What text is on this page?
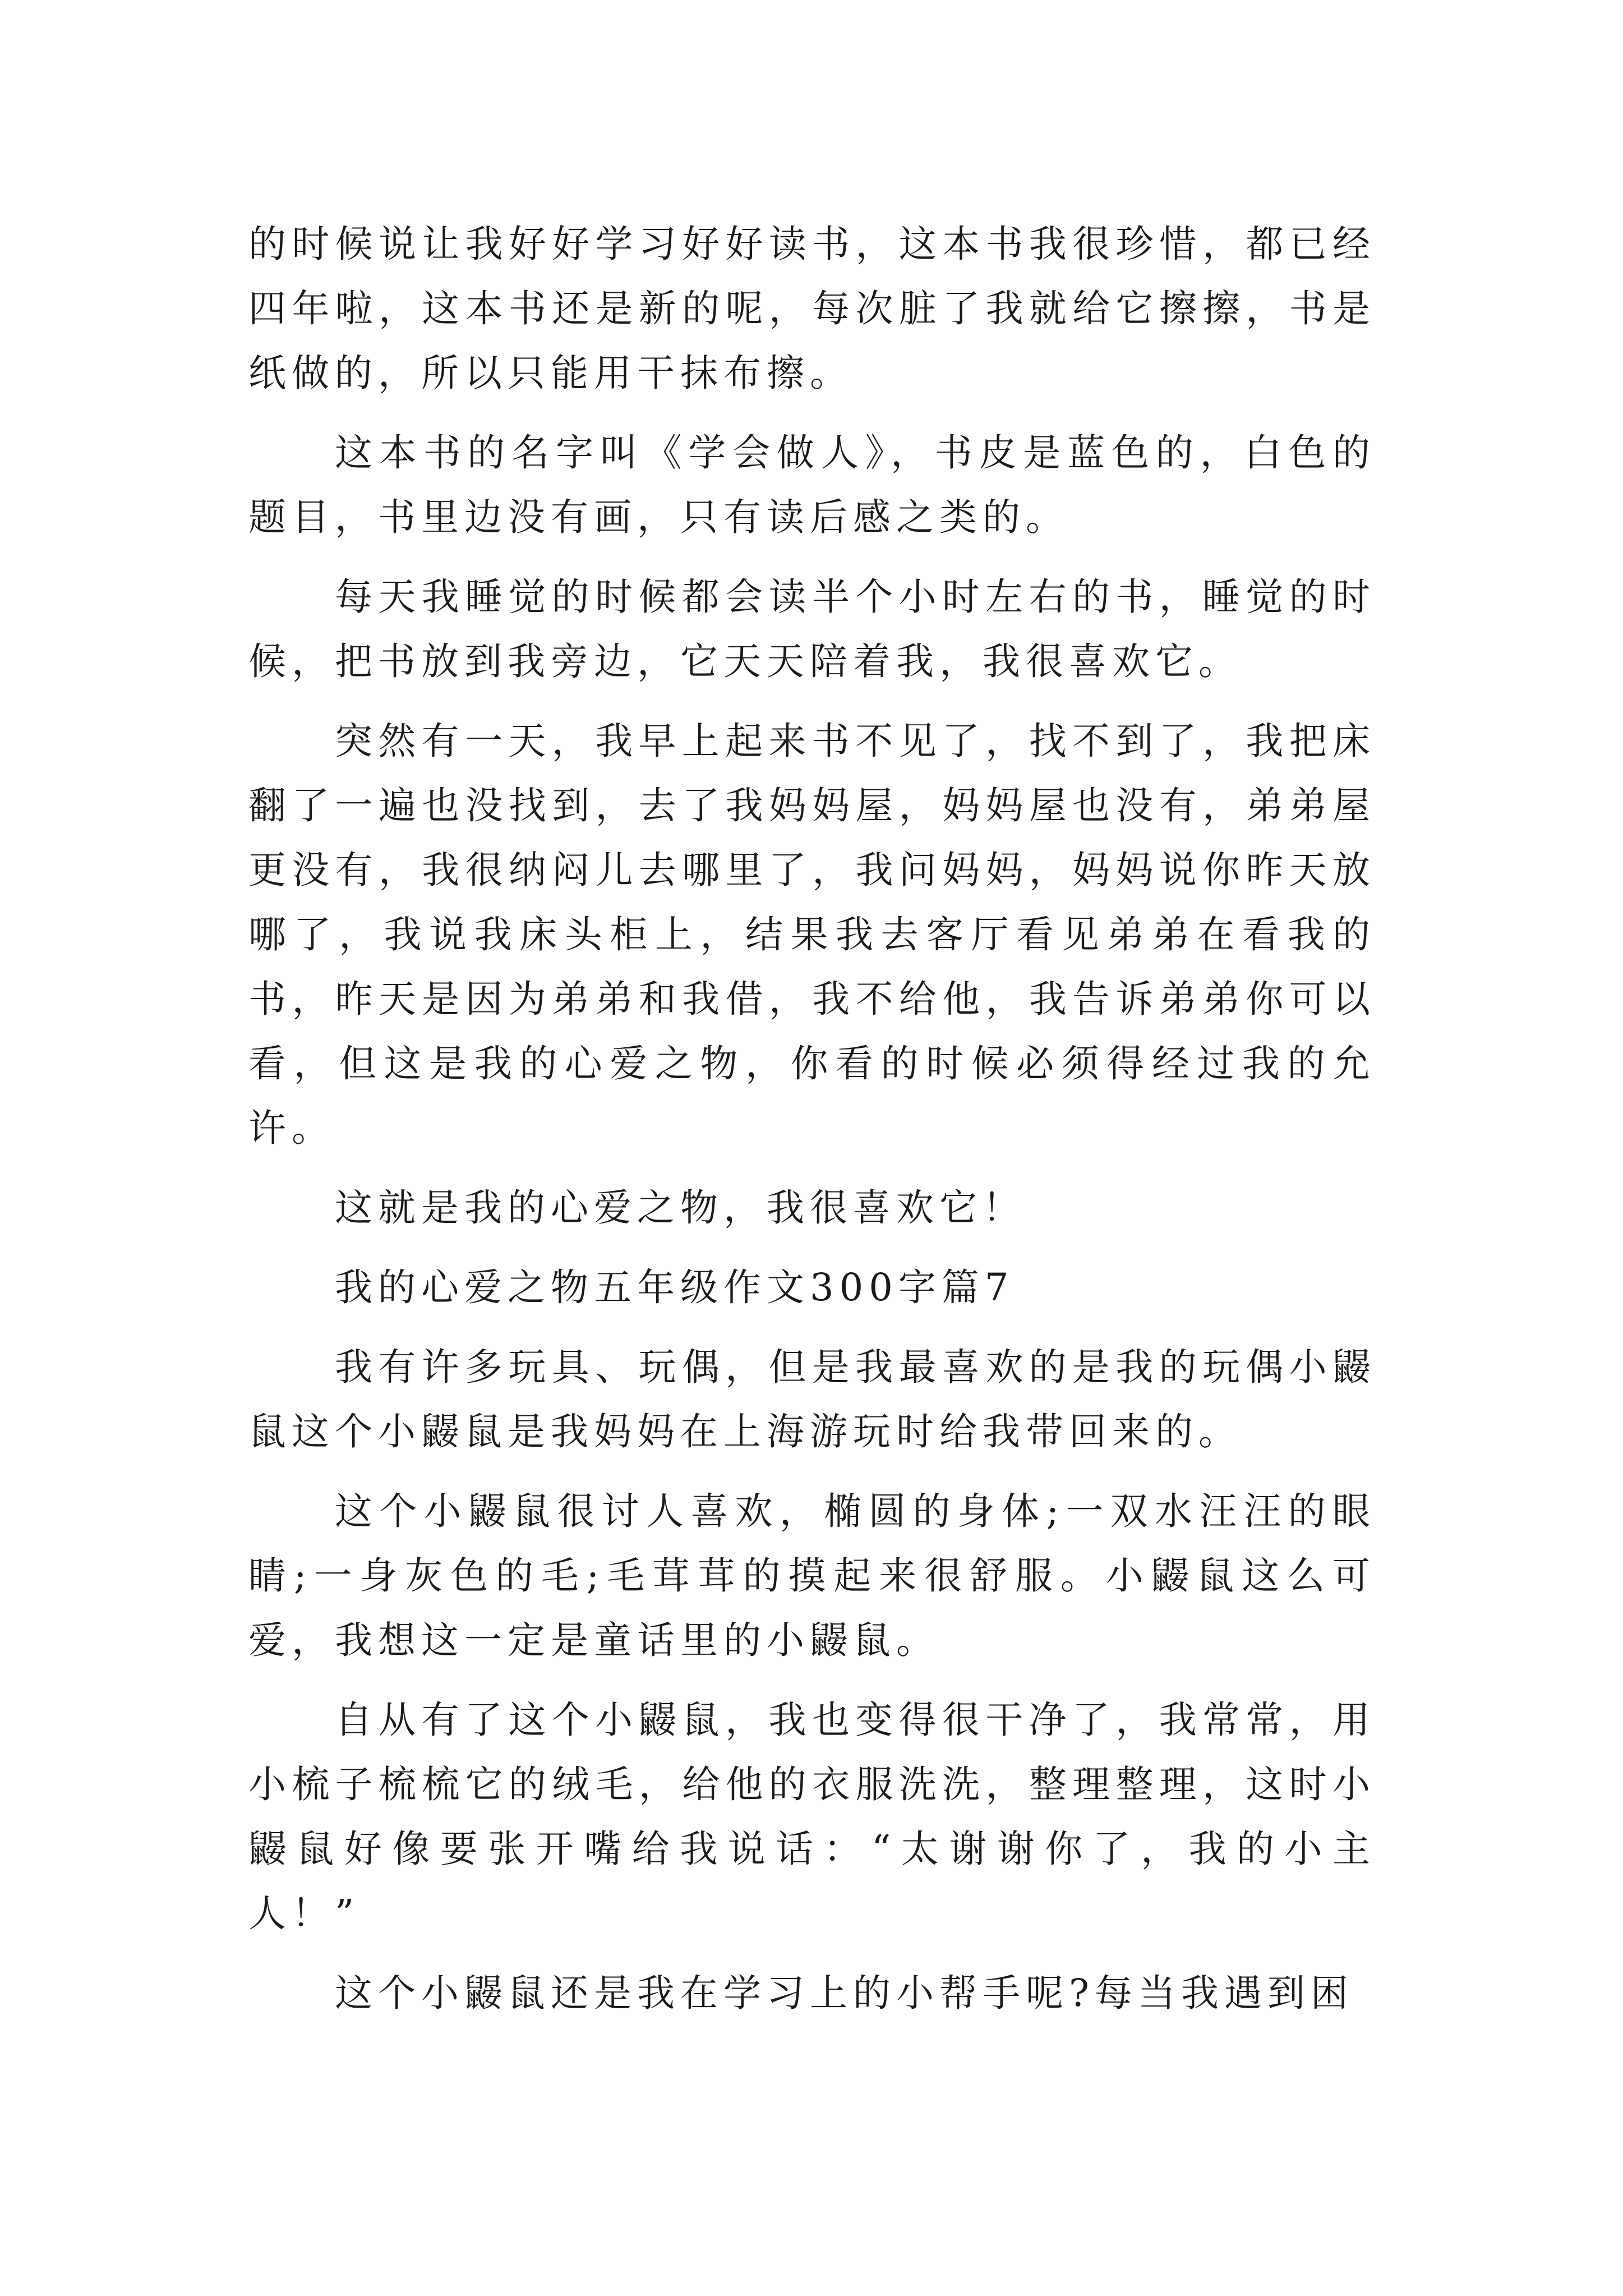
的时候说让我好好学习好好读书，这本书我很珍惜，都已经四年啦，这本书还是新的呢，每次脏了我就给它擦擦，书是纸做的，所以只能用干抹布擦。

这本书的名字叫《学会做人》，书皮是蓝色的，白色的题目，书里边没有画，只有读后感之类的。

每天我睡觉的时候都会读半个小时左右的书，睡觉的时候，把书放到我旁边，它天天陪着我，我很喜欢它。

突然有一天，我早上起来书不见了，找不到了，我把床翻了一遍也没找到，去了我妈妈屋，妈妈屋也没有，弟弟屋更没有，我很纳闷儿去哪里了，我问妈妈，妈妈说你昨天放哪了，我说我床头柜上，结果我去客厅看见弟弟在看我的书，昨天是因为弟弟和我借，我不给他，我告诉弟弟你可以看，但这是我的心爱之物，你看的时候必须得经过我的允许。

这就是我的心爱之物，我很喜欢它！

我的心爱之物五年级作文300字篇7

我有许多玩具、玩偶，但是我最喜欢的是我的玩偶小鼹鼠这个小鼹鼠是我妈妈在上海游玩时给我带回来的。

这个小鼹鼠很讨人喜欢，椭圆的身体;一双水汪汪的眼睛;一身灰色的毛;毛茸茸的摸起来很舒服。小鼹鼠这么可爱，我想这一定是童话里的小鼹鼠。

自从有了这个小鼹鼠，我也变得很干净了，我常常，用小梳子梳梳它的绒毛，给他的衣服洗洗，整理整理，这时小鼹鼠好像要张开嘴给我说话：“太谢谢你了，我的小主人！”

这个小鼹鼠还是我在学习上的小帮手呢?每当我遇到困
